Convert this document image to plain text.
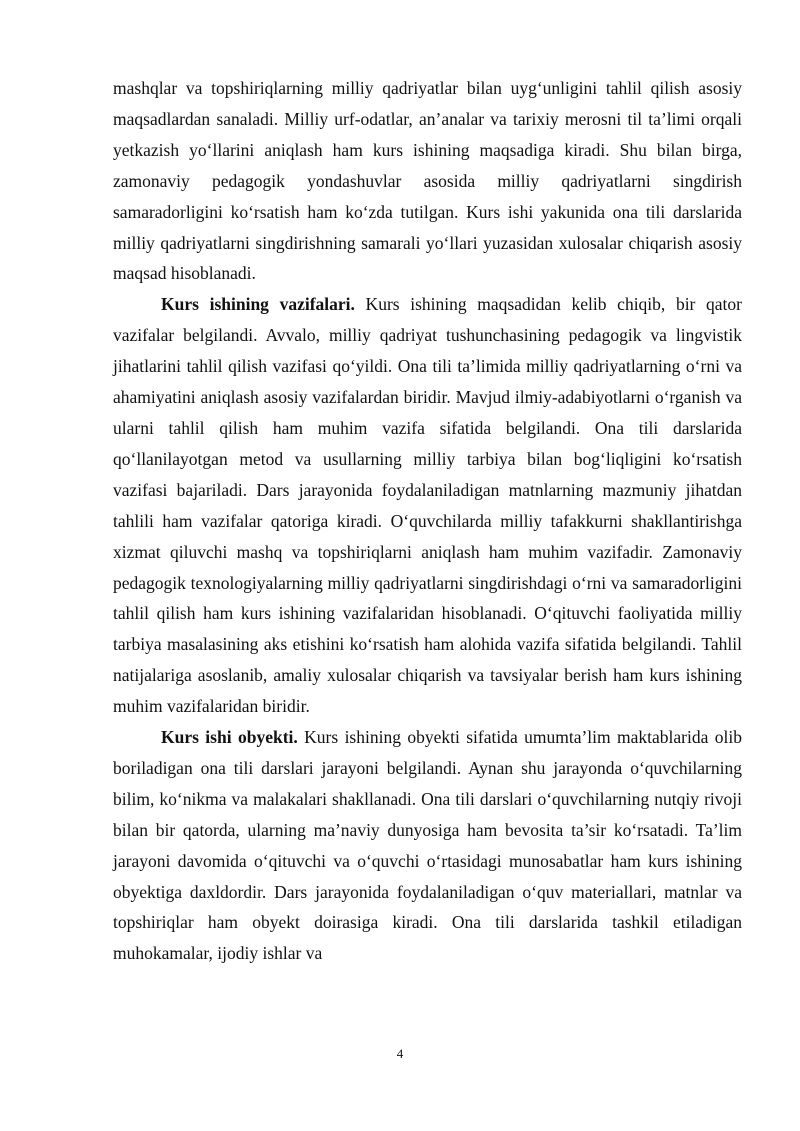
mashqlar va topshiriqlarning milliy qadriyatlar bilan uyg‘unligini tahlil qilish asosiy maqsadlardan sanaladi. Milliy urf-odatlar, an’analar va tarixiy merosni til ta’limi orqali yetkazish yo‘llarini aniqlash ham kurs ishining maqsadiga kiradi. Shu bilan birga, zamonaviy pedagogik yondashuvlar asosida milliy qadriyatlarni singdirish samaradorligini ko‘rsatish ham ko‘zda tutilgan. Kurs ishi yakunida ona tili darslarida milliy qadriyatlarni singdirishning samarali yo‘llari yuzasidan xulosalar chiqarish asosiy maqsad hisoblanadi.

Kurs ishining vazifalari. Kurs ishining maqsadidan kelib chiqib, bir qator vazifalar belgilandi. Avvalo, milliy qadriyat tushunchasining pedagogik va lingvistik jihatlarini tahlil qilish vazifasi qo‘yildi. Ona tili ta’limida milliy qadriyatlarning o‘rni va ahamiyatini aniqlash asosiy vazifalardan biridir. Mavjud ilmiy-adabiyotlarni o‘rganish va ularni tahlil qilish ham muhim vazifa sifatida belgilandi. Ona tili darslarida qo‘llanilayotgan metod va usullarning milliy tarbiya bilan bog‘liqligini ko‘rsatish vazifasi bajariladi. Dars jarayonida foydalaniladigan matnlarning mazmuniy jihatdan tahlili ham vazifalar qatoriga kiradi. O‘quvchilarda milliy tafakkurni shakllantirishga xizmat qiluvchi mashq va topshiriqlarni aniqlash ham muhim vazifadir. Zamonaviy pedagogik texnologiyalarning milliy qadriyatlarni singdirishdagi o‘rni va samaradorligini tahlil qilish ham kurs ishining vazifalaridan hisoblanadi. O‘qituvchi faoliyatida milliy tarbiya masalasining aks etishini ko‘rsatish ham alohida vazifa sifatida belgilandi. Tahlil natijalariga asoslanib, amaliy xulosalar chiqarish va tavsiyalar berish ham kurs ishining muhim vazifalaridan biridir.

Kurs ishi obyekti. Kurs ishining obyekti sifatida umumta’lim maktablarida olib boriladigan ona tili darslari jarayoni belgilandi. Aynan shu jarayonda o‘quvchilarning bilim, ko‘nikma va malakalari shakllanadi. Ona tili darslari o‘quvchilarning nutqiy rivoji bilan bir qatorda, ularning ma’naviy dunyosiga ham bevosita ta’sir ko‘rsatadi. Ta’lim jarayoni davomida o‘qituvchi va o‘quvchi o‘rtasidagi munosabatlar ham kurs ishining obyektiga daxldordir. Dars jarayonida foydalaniladigan o‘quv materiallari, matnlar va topshiriqlar ham obyekt doirasiga kiradi. Ona tili darslarida tashkil etiladigan muhokamalar, ijodiy ishlar va

4
